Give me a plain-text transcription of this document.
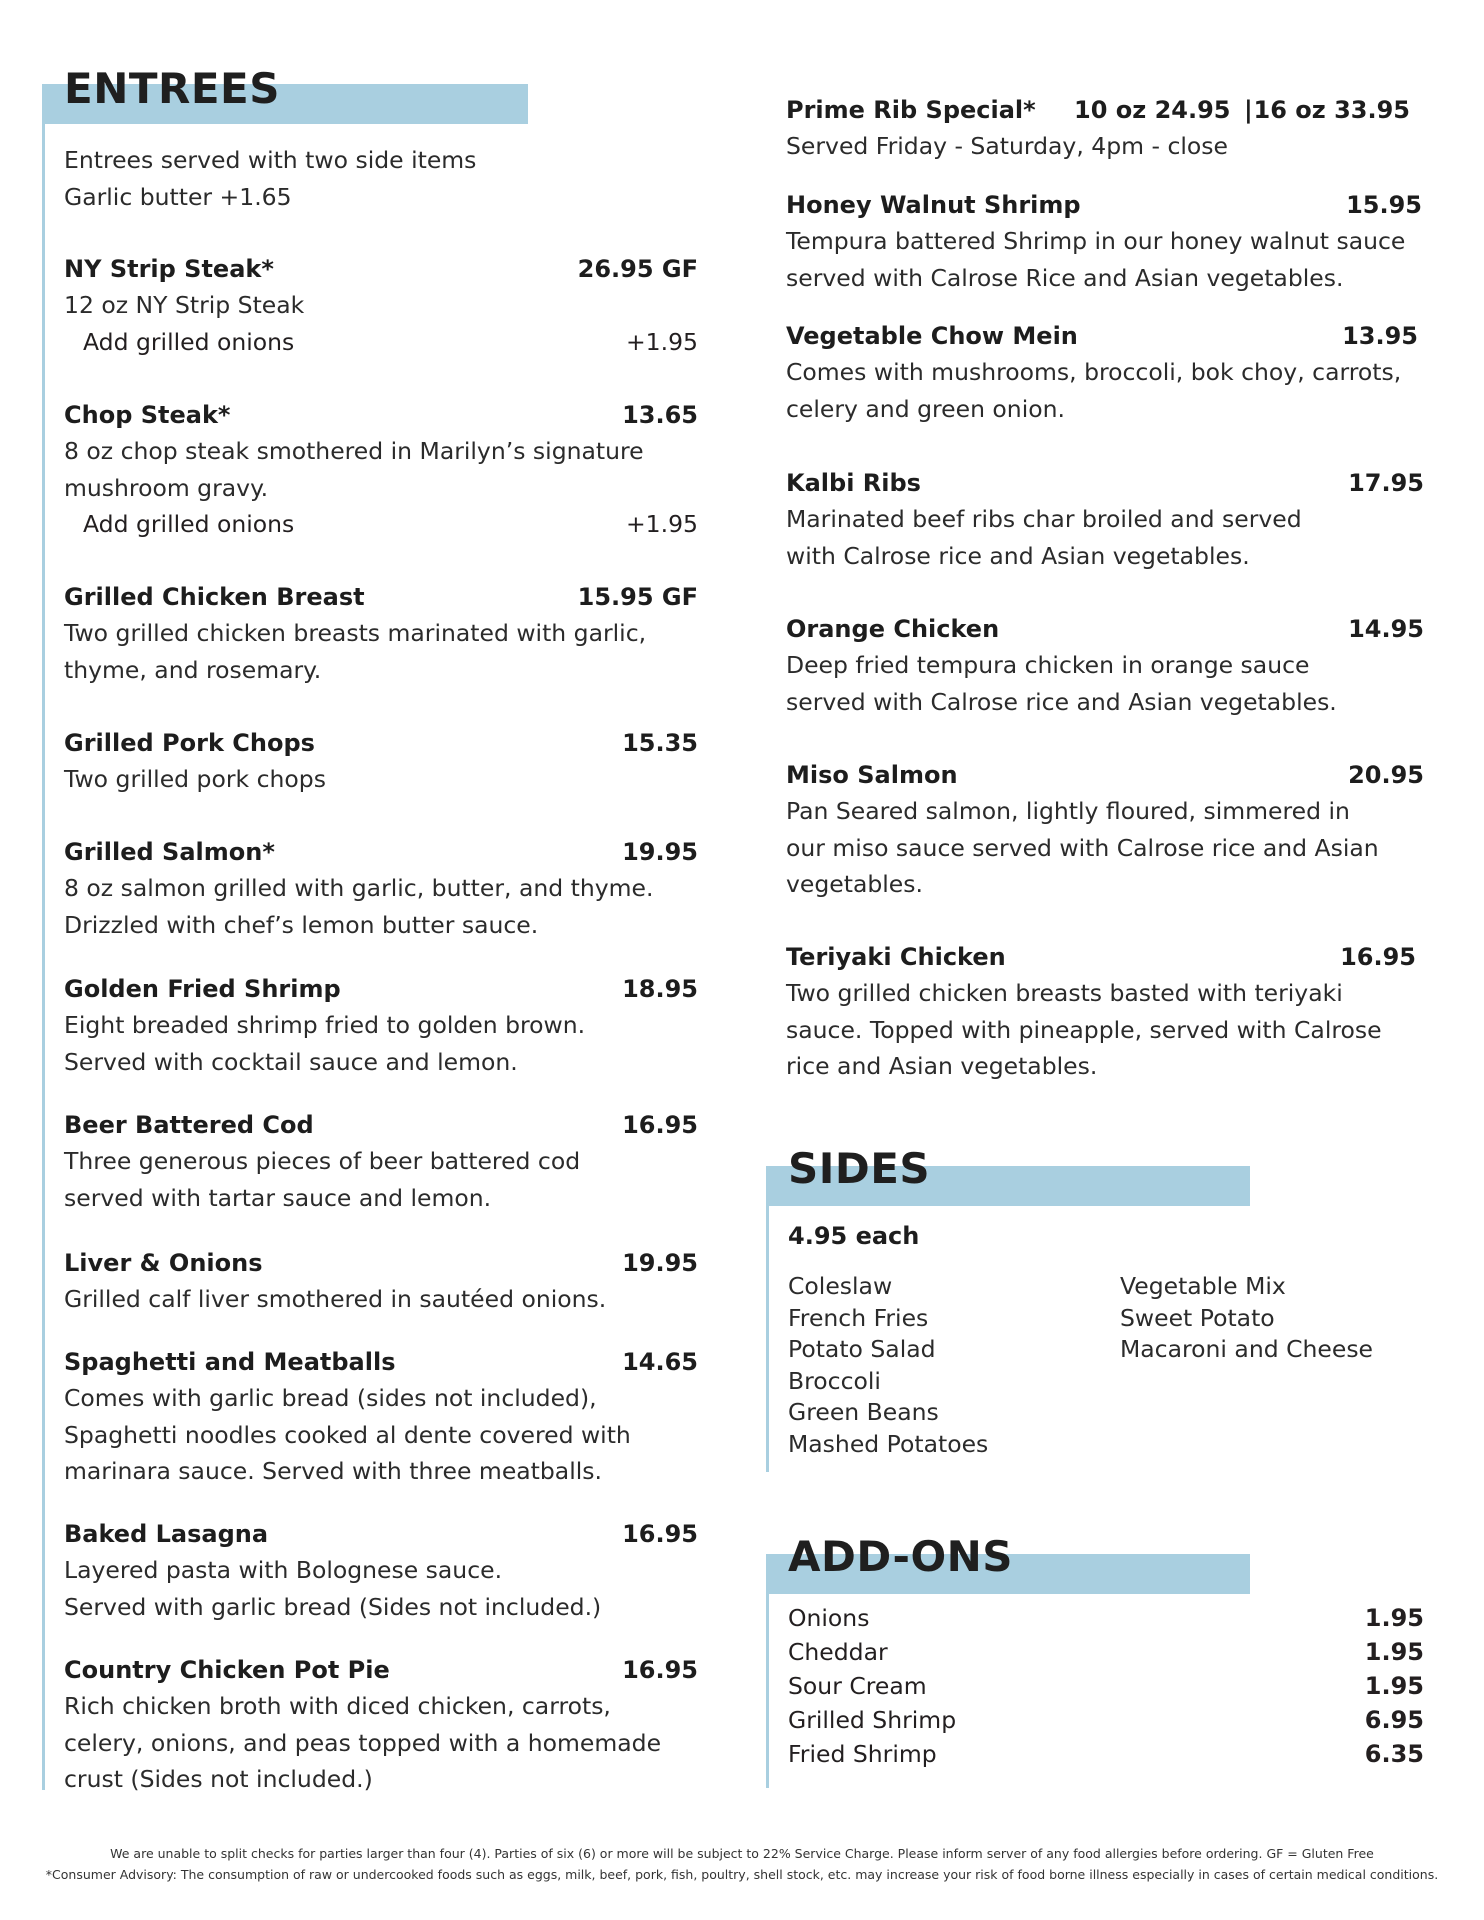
ENTREES
Entrees served with two side items
Garlic butter +1.65
NY Strip Steak*	26.95 GF
12 oz NY Strip Steak
Add grilled onions	+1.95
Chop Steak*	13.65
8 oz chop steak smothered in Marilyn’s signature
mushroom gravy.
Add grilled onions	+1.95
Grilled Chicken Breast	15.95 GF
Two grilled chicken breasts marinated with garlic,
thyme, and rosemary.
Grilled Pork Chops	15.35
Two grilled pork chops
Grilled Salmon*	19.95
8 oz salmon grilled with garlic, butter, and thyme.
Drizzled with chef’s lemon butter sauce.
Golden Fried Shrimp	18.95
Eight breaded shrimp fried to golden brown.
Served with cocktail sauce and lemon.
Beer Battered Cod	16.95
Three generous pieces of beer battered cod
served with tartar sauce and lemon.
Liver & Onions	19.95
Grilled calf liver smothered in sautéed onions.
Spaghetti and Meatballs	14.65
Comes with garlic bread (sides not included),
Spaghetti noodles cooked al dente covered with
marinara sauce. Served with three meatballs.
Baked Lasagna	16.95
Layered pasta with Bolognese sauce.
Served with garlic bread (Sides not included.)
Country Chicken Pot Pie	16.95
Rich chicken broth with diced chicken, carrots,
celery, onions, and peas topped with a homemade
crust (Sides not included.)
Prime Rib Special* 10 oz 24.95 | 16 oz 33.95
Served Friday - Saturday, 4pm - close
Honey Walnut Shrimp	15.95
Tempura battered Shrimp in our honey walnut sauce
served with Calrose Rice and Asian vegetables.
Vegetable Chow Mein	13.95
Comes with mushrooms, broccoli, bok choy, carrots,
celery and green onion.
Kalbi Ribs	17.95
Marinated beef ribs char broiled and served
with Calrose rice and Asian vegetables.
Orange Chicken	14.95
Deep fried tempura chicken in orange sauce
served with Calrose rice and Asian vegetables.
Miso Salmon	20.95
Pan Seared salmon, lightly floured, simmered in
our miso sauce served with Calrose rice and Asian
vegetables.
Teriyaki Chicken	16.95
Two grilled chicken breasts basted with teriyaki
sauce. Topped with pineapple, served with Calrose
rice and Asian vegetables.
SIDES
4.95 each
Coleslaw
French Fries
Potato Salad
Broccoli
Green Beans
Mashed Potatoes
Vegetable Mix
Sweet Potato
Macaroni and Cheese
ADD-ONS
Onions	1.95
Cheddar	1.95
Sour Cream	1.95
Grilled Shrimp	6.95
Fried Shrimp	6.35
We are unable to split checks for parties larger than four (4). Parties of six (6) or more will be subject to 22% Service Charge. Please inform server of any food allergies before ordering. GF = Gluten Free
*Consumer Advisory: The consumption of raw or undercooked foods such as eggs, milk, beef, pork, fish, poultry, shell stock, etc. may increase your risk of food borne illness especially in cases of certain medical conditions.
